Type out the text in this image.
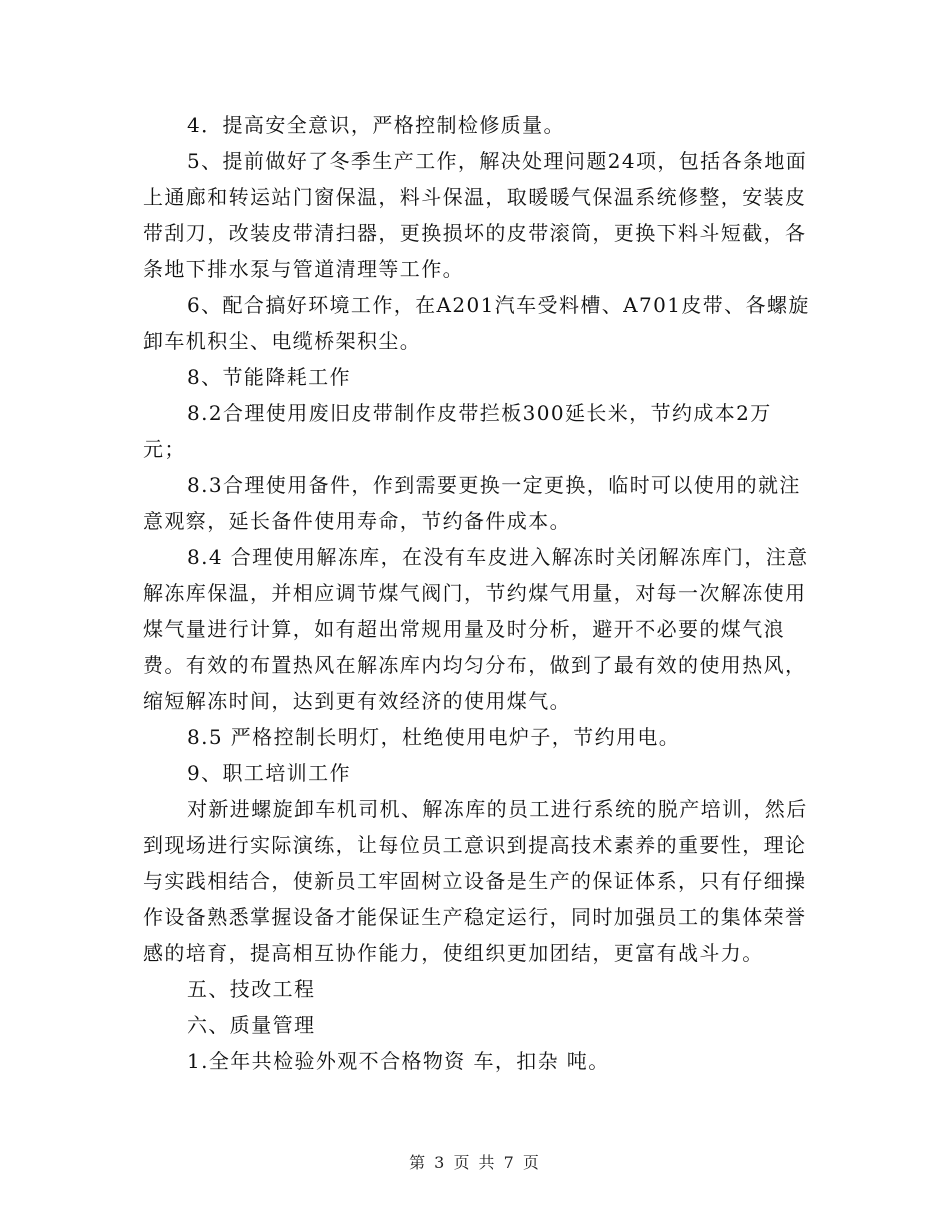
4．提高安全意识，严格控制检修质量。

5、提前做好了冬季生产工作，解决处理问题24项，包括各条地面上通廊和转运站门窗保温，料斗保温，取暖暖气保温系统修整，安装皮带刮刀，改装皮带清扫器，更换损坏的皮带滚筒，更换下料斗短截，各条地下排水泵与管道清理等工作。

6、配合搞好环境工作，在A201汽车受料槽、A701皮带、各螺旋卸车机积尘、电缆桥架积尘。

8、节能降耗工作

8.2合理使用废旧皮带制作皮带拦板300延长米，节约成本2万元；

8.3合理使用备件，作到需要更换一定更换，临时可以使用的就注意观察，延长备件使用寿命，节约备件成本。

8.4 合理使用解冻库，在没有车皮进入解冻时关闭解冻库门，注意解冻库保温，并相应调节煤气阀门，节约煤气用量，对每一次解冻使用煤气量进行计算，如有超出常规用量及时分析，避开不必要的煤气浪费。有效的布置热风在解冻库内均匀分布，做到了最有效的使用热风，缩短解冻时间，达到更有效经济的使用煤气。

8.5 严格控制长明灯，杜绝使用电炉子，节约用电。

9、职工培训工作

对新进螺旋卸车机司机、解冻库的员工进行系统的脱产培训，然后到现场进行实际演练，让每位员工意识到提高技术素养的重要性，理论与实践相结合，使新员工牢固树立设备是生产的保证体系，只有仔细操作设备熟悉掌握设备才能保证生产稳定运行，同时加强员工的集体荣誉感的培育，提高相互协作能力，使组织更加团结，更富有战斗力。

五、技改工程

六、质量管理

1.全年共检验外观不合格物资 车，扣杂 吨。

第 3 页 共 7 页
